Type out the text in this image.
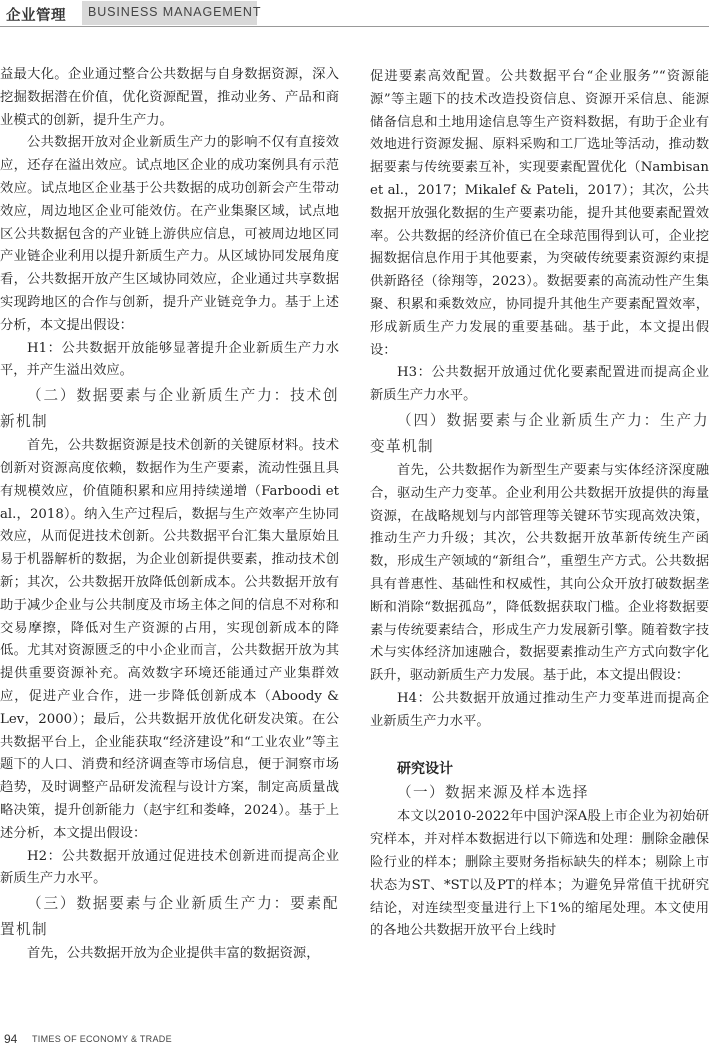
企业管理 BUSINESS MANAGEMENT

益最大化。企业通过整合公共数据与自身数据资源，深入挖掘数据潜在价值，优化资源配置，推动业务、产品和商业模式的创新，提升生产力。

公共数据开放对企业新质生产力的影响不仅有直接效应，还存在溢出效应。试点地区企业的成功案例具有示范效应。试点地区企业基于公共数据的成功创新会产生带动效应，周边地区企业可能效仿。在产业集聚区域，试点地区公共数据包含的产业链上游供应信息，可被周边地区同产业链企业利用以提升新质生产力。从区域协同发展角度看，公共数据开放产生区域协同效应，企业通过共享数据实现跨地区的合作与创新，提升产业链竞争力。基于上述分析，本文提出假设：

H1：公共数据开放能够显著提升企业新质生产力水平，并产生溢出效应。

（二）数据要素与企业新质生产力：技术创新机制

首先，公共数据资源是技术创新的关键原材料。技术创新对资源高度依赖，数据作为生产要素，流动性强且具有规模效应，价值随积累和应用持续递增（Farboodi et al.，2018）。纳入生产过程后，数据与生产效率产生协同效应，从而促进技术创新。公共数据平台汇集大量原始且易于机器解析的数据，为企业创新提供要素，推动技术创新；其次，公共数据开放降低创新成本。公共数据开放有助于减少企业与公共制度及市场主体之间的信息不对称和交易摩擦，降低对生产资源的占用，实现创新成本的降低。尤其对资源匮乏的中小企业而言，公共数据开放为其提供重要资源补充。高效数字环境还能通过产业集群效应，促进产业合作，进一步降低创新成本（Aboody & Lev，2000）；最后，公共数据开放优化研发决策。在公共数据平台上，企业能获取“经济建设”和“工业农业”等主题下的人口、消费和经济调查等市场信息，便于洞察市场趋势，及时调整产品研发流程与设计方案，制定高质量战略决策，提升创新能力（赵宇红和娄峰，2024）。基于上述分析，本文提出假设：

H2：公共数据开放通过促进技术创新进而提高企业新质生产力水平。

（三）数据要素与企业新质生产力：要素配置机制

首先，公共数据开放为企业提供丰富的数据资源，

促进要素高效配置。公共数据平台“企业服务”“资源能源”等主题下的技术改造投资信息、资源开采信息、能源储备信息和土地用途信息等生产资料数据，有助于企业有效地进行资源发掘、原料采购和工厂选址等活动，推动数据要素与传统要素互补，实现要素配置优化（Nambisan et al.，2017；Mikalef & Pateli，2017）；其次，公共数据开放强化数据的生产要素功能，提升其他要素配置效率。公共数据的经济价值已在全球范围得到认可，企业挖掘数据信息作用于其他要素，为突破传统要素资源约束提供新路径（徐翔等，2023）。数据要素的高流动性产生集聚、积累和乘数效应，协同提升其他生产要素配置效率，形成新质生产力发展的重要基础。基于此，本文提出假设：

H3：公共数据开放通过优化要素配置进而提高企业新质生产力水平。

（四）数据要素与企业新质生产力：生产力变革机制

首先，公共数据作为新型生产要素与实体经济深度融合，驱动生产力变革。企业利用公共数据开放提供的海量资源，在战略规划与内部管理等关键环节实现高效决策，推动生产力升级；其次，公共数据开放革新传统生产函数，形成生产领域的“新组合”，重塑生产方式。公共数据具有普惠性、基础性和权威性，其向公众开放打破数据垄断和消除“数据孤岛”，降低数据获取门槛。企业将数据要素与传统要素结合，形成生产力发展新引擎。随着数字技术与实体经济加速融合，数据要素推动生产方式向数字化跃升，驱动新质生产力发展。基于此，本文提出假设：

H4：公共数据开放通过推动生产力变革进而提高企业新质生产力水平。

研究设计

（一）数据来源及样本选择

本文以2010-2022年中国沪深A股上市企业为初始研究样本，并对样本数据进行以下筛选和处理：删除金融保险行业的样本；删除主要财务指标缺失的样本；剔除上市状态为ST、*ST以及PT的样本；为避免异常值干扰研究结论，对连续型变量进行上下1%的缩尾处理。本文使用的各地公共数据开放平台上线时

94 TIMES OF ECONOMY & TRADE
